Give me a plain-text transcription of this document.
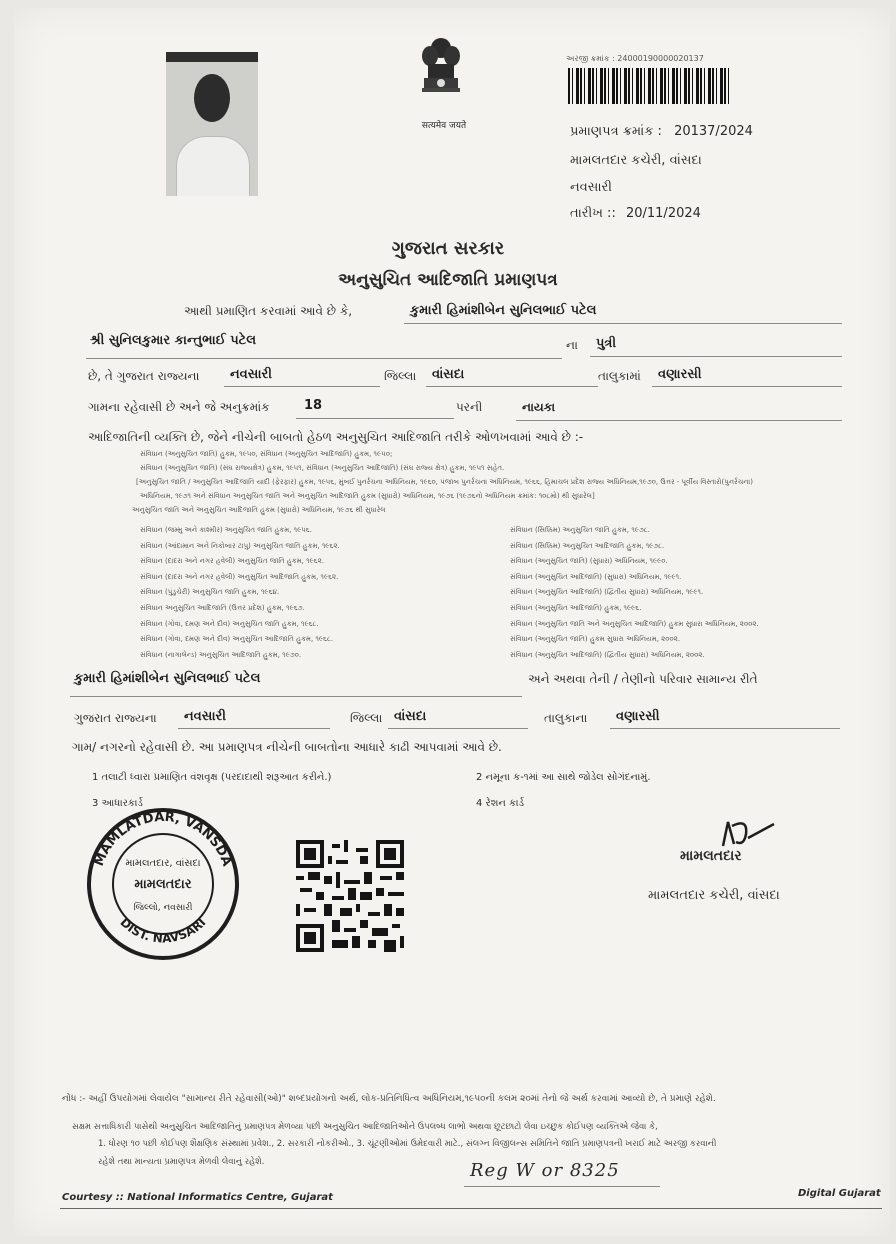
सत्यमेव जयते
અરજી ક્રમાંક : 24000190000020137
પ્રમાણપત્ર ક્રમાંક : 20137/2024
મામલતદાર કચેરી, વાંસદા
નવસારી
તારીખ :: 20/11/2024
ગુજરાત સરકાર
અનુસુચિત આદિજાતિ પ્રમાણપત્ર
આથી પ્રમાણિત કરવામાં આવે છે કે,	કુમારી હિમાંશીબેન સુનિલભાઈ પટેલ
શ્રી સુનિલકુમાર કાન્તુભાઈ પટેલ	ના પુત્રી
છે, તે ગુજરાત રાજ્યના નવસારી	જિલ્લા વાંસદા	તાલુકામાં વણારસી
ગામના રહેવાસી છે અને જે અનુક્રમાંક	18	પરની	નાયકા
આદિજાતિની વ્યક્તિ છે, જેને નીચેની બાબતો હેઠળ અનુસુચિત આદિજાતિ તરીકે ઓળખવામાં આવે છે :-
સંવિધાન (અનુસુચિત જાતિ) હુકમ, ૧૯૫૦, સંવિધાન (અનુસુચિત આદિજાતિ) હુકમ, ૧૯૫૦;
સંવિધાન (અનુસુચિત જાતિ) (સંઘ રાજ્યક્ષેત્ર) હુકમ, ૧૯૫૧, સંવિધાન (અનુસુચિત આદિજાતિ) (સંઘ રાજ્ય ક્ષેત્ર) હુકમ, ૧૯૫૧ સહેત.
[અનુસુચિત જાતિ / અનુસુચિત આદિજાતિ યાદી (ફેરફાર) હુકમ, ૧૯૫૬, મુંબઈ પુનર્રચના અધિનિયમ, ૧૯૬૦, પંજાબ પુનર્રચના અધિનિયમ, ૧૯૬૬, હિમાચલ પ્રદેશ રાજ્ય અધિનિયમ,૧૯૭૦, ઉત્તર - પૂર્વીય વિસ્તારો(પુનર્રચના)
અધિનિયમ, ૧૯૭૧ અને સંવિધાન અનુસુચિત જાતિ અને અનુસુચિત આદિજાતિ હુકમ (સુધારો) અધિનિયમ, ૧૯૭૬ (૧૯૭૬નો અધિનિયમ ક્રમાંક: ૧૦૮મો) થી સુધારેલ]
અનુસુચિત જાતિ અને અનુસુચિત આદિજાતિ હુકમ (સુધારો) અધિનિયમ, ૧૯૭૬ થી સુધારેલ
સંવિધાન (જમ્મુ અને કાશ્મીર) અનુસુચિત જાતિ હુકમ, ૧૯૫૬.
સંવિધાન (આંદામાન અને નિકોબાર ટાપુ) અનુસુચિત જાતિ હુકમ, ૧૯૬૨.
સંવિધાન (દાદરા અને નગર હવેલી) અનુસુચિત જાતિ હુકમ, ૧૯૬૨.
સંવિધાન (દાદરા અને નગર હવેલી) અનુસુચિત આદિજાતિ હુકમ, ૧૯૬૨.
સંવિધાન (પુંડુચેરી) અનુસુચિત જાતિ હુકમ, ૧૯૬૪.
સંવિધાન અનુસુચિત આદિજાતિ (ઉત્તર પ્રદેશ) હુકમ, ૧૯૬૭.
સંવિધાન (ગોવા, દમણ અને દીવ) અનુસુચિત જાતિ હુકમ, ૧૯૬૮.
સંવિધાન (ગોવા, દમણ અને દીવ) અનુસુચિત આદિજાતિ હુકમ, ૧૯૬૮.
સંવિધાન (નાગાલેન્ડ) અનુસુચિત આદિજાતિ હુકમ, ૧૯૭૦.
સંવિધાન (સિક્કિમ) અનુસુચિત જાતિ હુકમ, ૧૯૭૮.
સંવિધાન (સિક્કિમ) અનુસુચિત આદિજાતિ હુકમ, ૧૯૭૮.
સંવિધાન (અનુસુચિત જાતિ) (સુધારા) અધિનિયમ, ૧૯૯૦.
સંવિધાન (અનુસુચિત આદિજાતિ) (સુધારા) અધિનિયમ, ૧૯૯૧.
સંવિધાન (અનુસુચિત આદિજાતિ) (દ્વિતીય સુધારા) અધિનિયમ, ૧૯૯૧.
સંવિધાન (અનુસુચિત આદિજાતિ) હુકમ, ૧૯૯૬.
સંવિધાન (અનુસુચિત જાતિ અને અનુસુચિત આદિજાતિ) હુકમ સુધારા અધિનિયમ, ૨૦૦૨.
સંવિધાન (અનુસુચિત જાતિ) હુકમ સુધારા અધિનિયમ, ૨૦૦૨.
સંવિધાન (અનુસુચિત આદિજાતિ) (દ્વિતીય સુધારા) અધિનિયમ, ૨૦૦૨.
કુમારી હિમાંશીબેન સુનિલભાઈ પટેલ	અને અથવા તેની / તેણીનો પરિવાર સામાન્ય રીતે
ગુજરાત રાજ્યના નવસારી	જિલ્લા વાંસદા	તાલુકાના વણારસી
ગામ/ નગરનો રહેવાસી છે. આ પ્રમાણપત્ર નીચેની બાબતોના આધારે કાઢી આપવામાં આવે છે.
1 તલાટી ધ્વારા પ્રમાણિત વંશવૃક્ષ (પરદાદાથી શરૂઆત કરીને.)	2 નમૂના ક-૧માં આ સાથે જોડેલ સોગંદનામું.
3 આધારકાર્ડ	4 રેશન કાર્ડ
MAMLATDAR, VANSDA
DIST. NAVSARI
મામલતદાર, વાંસદા
મામલતદાર
જિલ્લો, નવસારી
મામલતદાર
મામલતદાર કચેરી, વાંસદા
નોંધ :- અહીં ઉપયોગમાં લેવાયેલ "સામાન્ય રીતે રહેવાસી(ઓ)" શબ્દપ્રયોગનો અર્થ, લોક-પ્રતિનિધિત્વ અધિનિયમ,૧૯૫૦ની કલમ ૨૦માં તેનો જે અર્થ કરવામાં આવ્યો છે, તે પ્રમાણે રહેશે.
સક્ષમ સત્તાધિકારી પાસેથી અનુસુચિત આદિજાતિનું પ્રમાણપત્ર મેળવ્યા પછી અનુસુચિત આદિજાતિઓને ઉપલબ્ધ લાભો અથવા છૂટછાટો લેવા ઇચ્છુક કોઈપણ વ્યક્તિએ જેવા કે,
1. ધોરણ ૧૦ પછી કોઈપણ શૈક્ષણિક સંસ્થામાં પ્રવેશ., 2. સરકારી નોકરીઓ., 3. ચૂંટણીઓમાં ઉમેદવારી માટે., સંલગ્ન વિજીલન્સ સમિતિને જાતિ પ્રમાણપત્રની ખરાઈ માટે અરજી કરવાની
રહેશે તથા માન્યતા પ્રમાણપત્ર મેળવી લેવાનું રહેશે.	Reg W or 8325
Courtesy :: National Informatics Centre, Gujarat	Digital Gujarat
